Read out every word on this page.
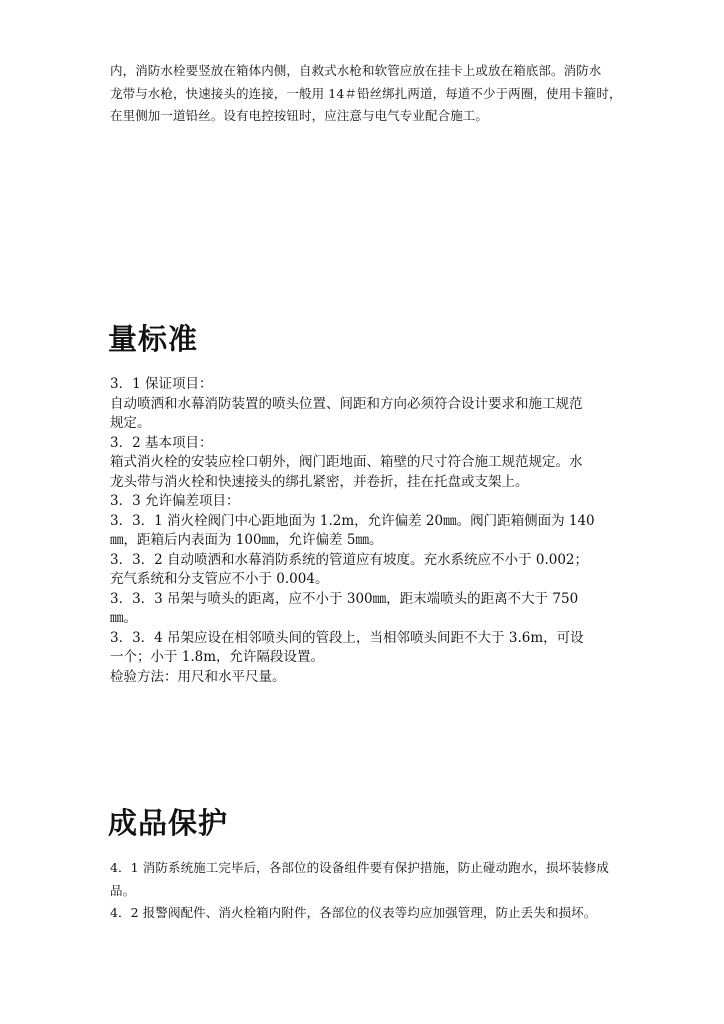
内，消防水栓要竖放在箱体内侧，自救式水枪和软管应放在挂卡上或放在箱底部。消防水

龙带与水枪，快速接头的连接，一般用 14＃铅丝绑扎两道，每道不少于两圈，使用卡箍时，

在里侧加一道铅丝。设有电控按钮时，应注意与电气专业配合施工。

量标准

3．1 保证项目：

自动喷洒和水幕消防装置的喷头位置、间距和方向必须符合设计要求和施工规范

规定。

3．2 基本项目：

箱式消火栓的安装应栓口朝外，阀门距地面、箱壁的尺寸符合施工规范规定。水

龙头带与消火栓和快速接头的绑扎紧密，并卷折，挂在托盘或支架上。

3．3 允许偏差项目：

3．3．1 消火栓阀门中心距地面为 1.2m，允许偏差 20㎜。阀门距箱侧面为 140

㎜，距箱后内表面为 100㎜，允许偏差 5㎜。

3．3．2 自动喷洒和水幕消防系统的管道应有坡度。充水系统应不小于 0.002；

充气系统和分支管应不小于 0.004。

3．3．3 吊架与喷头的距离，应不小于 300㎜，距末端喷头的距离不大于 750

㎜。

3．3．4 吊架应设在相邻喷头间的管段上，当相邻喷头间距不大于 3.6m，可设

一个；小于 1.8m，允许隔段设置。

检验方法：用尺和水平尺量。

成品保护

4．1 消防系统施工完毕后，各部位的设备组件要有保护措施，防止碰动跑水，损坏装修成

品。

4．2 报警阀配件、消火栓箱内附件，各部位的仪表等均应加强管理，防止丢失和损坏。
